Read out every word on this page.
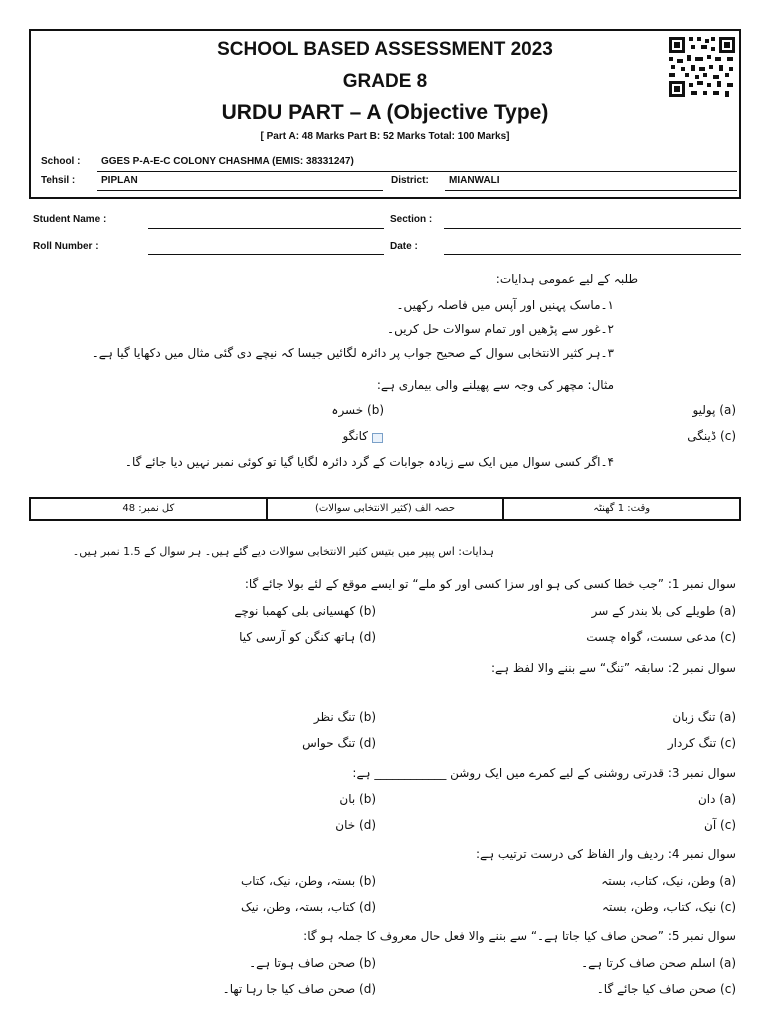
SCHOOL BASED ASSESSMENT 2023
GRADE 8
URDU PART – A (Objective Type)
[ Part A: 48 Marks Part B: 52 Marks Total: 100 Marks]
School : GGES P-A-E-C COLONY CHASHMA (EMIS: 38331247)
Tehsil :	PIPLAN	District: MIANWALI
Student Name :	Section :
Roll Number :	Date :
طلبہ کے لیے عمومی ہدایات:
۱۔ماسک پہنیں اور آپس میں فاصلہ رکھیں۔
۲۔غور سے پڑھیں اور تمام سوالات حل کریں۔
۳۔ہر کثیر الانتخابی سوال کے صحیح جواب پر دائرہ لگائیں جیسا کہ نیچے دی گئی مثال میں دکھایا گیا ہے۔
مثال: مچھر کی وجہ سے پھیلنے والی بیماری ہے:
(a) پولیو
(b) خسرہ
(c) ڈینگی
کانگو
۴۔اگر کسی سوال میں ایک سے زیادہ جوابات کے گرد دائرہ لگایا گیا تو کوئی نمبر نہیں دیا جائے گا۔
کل نمبر: 48	حصہ الف (کثیر الانتخابی سوالات)	وقت: 1 گھنٹہ
ہدایات: اس پیپر میں بتیس کثیر الانتخابی سوالات دیے گئے ہیں۔ ہر سوال کے 1.5 نمبر ہیں۔
سوال نمبر 1: ”جب خطا کسی کی ہو اور سزا کسی اور کو ملے“ تو ایسے موقع کے لئے بولا جائے گا:
(a) طویلے کی بلا بندر کے سر
(b) کھسیانی بلی کھمبا نوچے
(c) مدعی سست، گواہ چست
(d) ہاتھ کنگن کو آرسی کیا
سوال نمبر 2: سابقہ ”تنگ“ سے بننے والا لفظ ہے:
(a) تنگ زبان
(b) تنگ نظر
(c) تنگ کردار
(d) تنگ حواس
سوال نمبر 3: قدرتی روشنی کے لیے کمرے میں ایک روشن ____________ ہے:
(a) دان
(b) بان
(c) آن
(d) خان
سوال نمبر 4: ردیف وار الفاظ کی درست ترتیب ہے:
(a) وطن، نیک، کتاب، بستہ
(b) بستہ، وطن، نیک، کتاب
(c) نیک، کتاب، وطن، بستہ
(d) کتاب، بستہ، وطن، نیک
سوال نمبر 5: ”صحن صاف کیا جاتا ہے۔“ سے بننے والا فعل حال معروف کا جملہ ہو گا:
(a) اسلم صحن صاف کرتا ہے۔
(b) صحن صاف ہوتا ہے۔
(c) صحن صاف کیا جائے گا۔
(d) صحن صاف کیا جا رہا تھا۔
